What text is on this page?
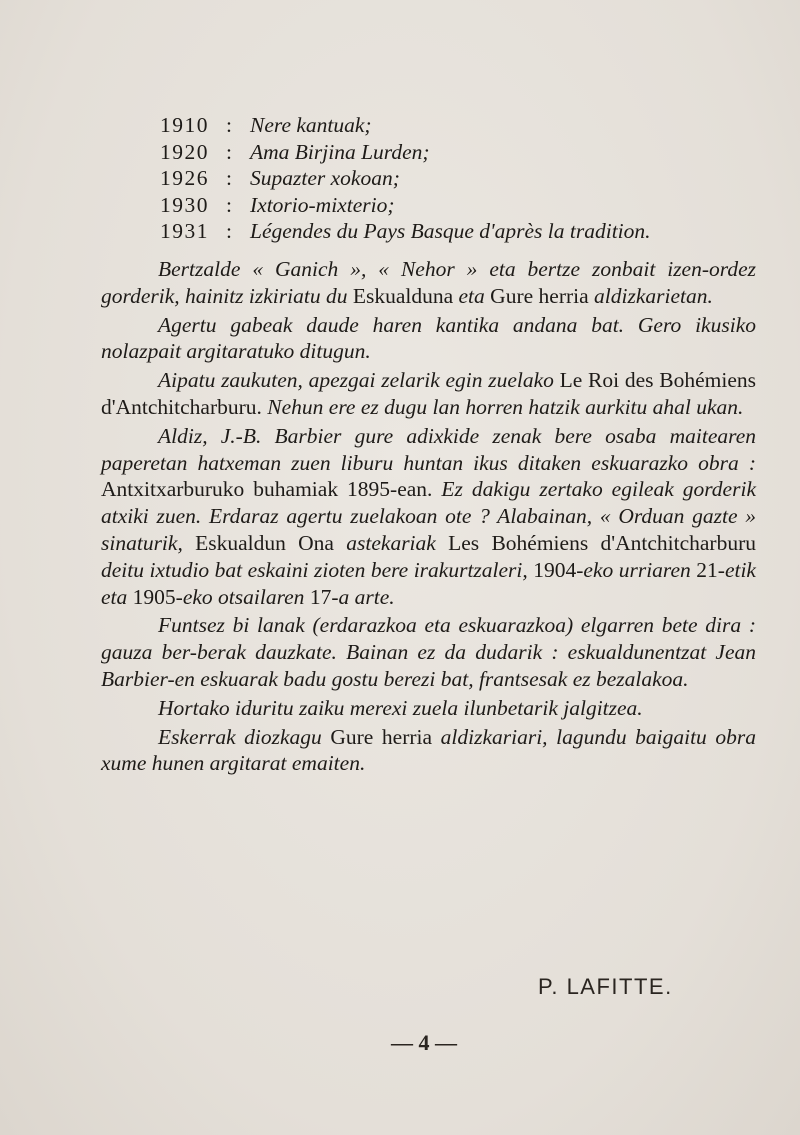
1910 : Nere kantuak;
1920 : Ama Birjina Lurden;
1926 : Supazter xokoan;
1930 : Ixtorio-mixterio;
1931 : Légendes du Pays Basque d'après la tradition.

Bertzalde « Ganich », « Nehor » eta bertze zonbait izen-ordez gorderik, hainitz izkiriatu du Eskualduna eta Gure herria aldizkarietan.

Agertu gabeak daude haren kantika andana bat. Gero ikusiko nolazpait argitaratuko ditugun.

Aipatu zaukuten, apezgai zelarik egin zuelako Le Roi des Bohémiens d'Antchitcharburu. Nehun ere ez dugu lan horren hatzik aurkitu ahal ukan.

Aldiz, J.-B. Barbier gure adixkide zenak bere osaba maitearen paperetan hatxeman zuen liburu huntan ikus ditaken eskuarazko obra : Antxitxarburuko buhamiak 1895-ean. Ez dakigu zertako egileak gorderik atxiki zuen. Erdaraz agertu zuelakoan ote ? Alabainan, « Orduan gazte » sinaturik, Eskualdun Ona astekariak Les Bohémiens d'Antchitcharburu deitu ixtudio bat eskaini zioten bere irakurtzaleri, 1904-eko urriaren 21-etik eta 1905-eko otsailaren 17-a arte.

Funtsez bi lanak (erdarazkoa eta eskuarazkoa) elgarren bete dira : gauza ber-berak dauzkate. Bainan ez da dudarik : eskualdunentzat Jean Barbier-en eskuarak badu gostu berezi bat, frantsesak ez bezalakoa.

Hortako iduritu zaiku merexi zuela ilunbetarik jalgitzea.

Eskerrak diozkagu Gure herria aldizkariari, lagundu baigaitu obra xume hunen argitarat emaiten.

P. LAFITTE.
— 4 —
